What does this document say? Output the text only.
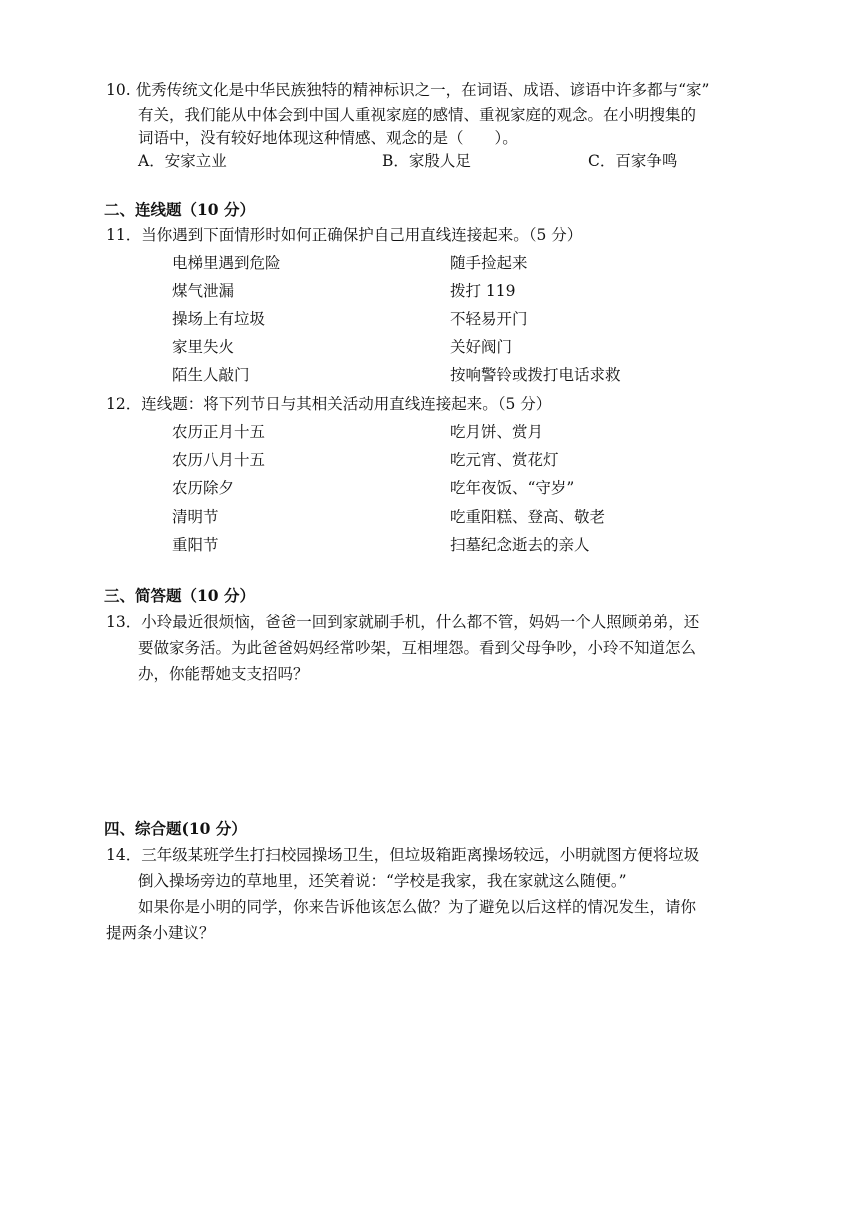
10. 优秀传统文化是中华民族独特的精神标识之一，在词语、成语、谚语中许多都与“家”
有关，我们能从中体会到中国人重视家庭的感情、重视家庭的观念。在小明搜集的
词语中，没有较好地体现这种情感、观念的是（　　）。
A．安家立业	B．家殷人足	C．百家争鸣
二、连线题（10 分）
11．当你遇到下面情形时如何正确保护自己用直线连接起来。（5 分）
电梯里遇到危险
煤气泄漏
操场上有垃圾
家里失火
陌生人敲门
随手捡起来
拨打 119
不轻易开门
关好阀门
按响警铃或拨打电话求救
12．连线题：将下列节日与其相关活动用直线连接起来。（5 分）
农历正月十五
农历八月十五
农历除夕
清明节
重阳节
吃月饼、赏月
吃元宵、赏花灯
吃年夜饭、“守岁”
吃重阳糕、登高、敬老
扫墓纪念逝去的亲人
三、简答题（10 分）
13．小玲最近很烦恼，爸爸一回到家就刷手机，什么都不管，妈妈一个人照顾弟弟，还
要做家务活。为此爸爸妈妈经常吵架，互相埋怨。看到父母争吵，小玲不知道怎么
办，你能帮她支支招吗？
四、综合题(10 分）
14．三年级某班学生打扫校园操场卫生，但垃圾箱距离操场较远，小明就图方便将垃圾
倒入操场旁边的草地里，还笑着说：“学校是我家，我在家就这么随便。”
如果你是小明的同学，你来告诉他该怎么做？为了避免以后这样的情况发生，请你
提两条小建议？
